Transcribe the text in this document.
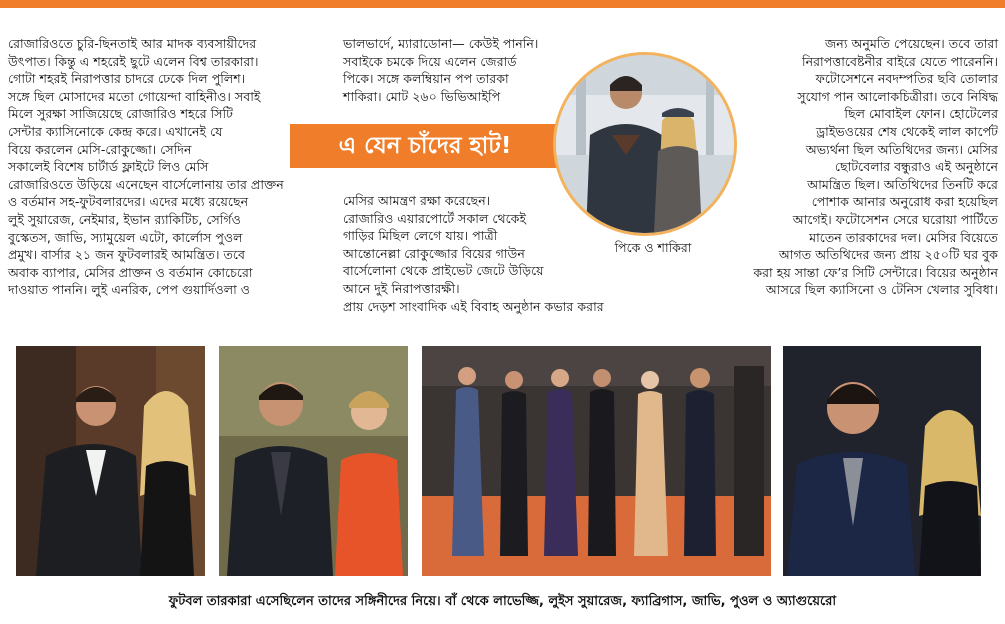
রোজারিওতে চুরি-ছিনতাই আর মাদক ব্যবসায়ীদের
উৎপাত। কিন্তু এ শহরেই ছুটে এলেন বিশ্ব তারকারা।
গোটা শহরই নিরাপত্তার চাদরে ঢেকে দিল পুলিশ।
সঙ্গে ছিল মোসাদের মতো গোয়েন্দা বাহিনীও। সবাই
মিলে সুরক্ষা সাজিয়েছে রোজারিও শহরে সিটি
সেন্টার ক্যাসিনোকে কেন্দ্র করে। এখানেই যে
বিয়ে করলেন মেসি-রোকুজ্জো। সেদিন
সকালেই বিশেষ চার্টার্ড ফ্লাইটে লিও মেসি
রোজারিওতে উড়িয়ে এনেছেন বার্সেলোনায় তার প্রাক্তন
ও বর্তমান সহ-ফুটবলারদের। এদের মধ্যে রয়েছেন
লুই সুয়ারেজ, নেইমার, ইভান র‍্যাকিটিচ, সের্গিও
বুস্কেতস, জাভি, স্যামুয়েল এটো, কার্লোস পুওল
প্রমুখ। বার্সার ২১ জন ফুটবলারই আমন্ত্রিত। তবে
অবাক ব্যাপার, মেসির প্রাক্তন ও বর্তমান কোচেরো
দাওয়াত পাননি। লুই এনরিক, পেপ গুয়ার্দিওলা ও
ভালভার্দে, ম্যারাডোনা— কেউই পাননি।
সবাইকে চমকে দিয়ে এলেন জেরার্ড
পিকে। সঙ্গে কলম্বিয়ান পপ তারকা
শাকিরা। মোট ২৬০ ভিভিআইপি
এ যেন চাঁদের হাট!
মেসির আমন্ত্রণ রক্ষা করেছেন।
রোজারিও এয়ারপোর্টে সকাল থেকেই
গাড়ির মিছিল লেগে যায়। পাত্রী
আন্তোনেল্লা রোকুজ্জোর বিয়ের গাউন
বার্সেলোনা থেকে প্রাইভেট জেটে উড়িয়ে
আনে দুই নিরাপত্তারক্ষী।
প্রায় দেড়শ সাংবাদিক এই বিবাহ অনুষ্ঠান কভার করার
জন্য অনুমতি পেয়েছেন। তবে তারা
নিরাপত্তাবেষ্টনীর বাইরে যেতে পারেননি।
ফটোসেশনে নবদম্পতির ছবি তোলার
সুযোগ পান আলোকচিত্রীরা। তবে নিষিদ্ধ
ছিল মোবাইল ফোন। হোটেলের
ড্রাইভওয়ের শেষ থেকেই লাল কার্পেট
অভ্যর্থনা ছিল অতিথিদের জন্য। মেসির
ছোটবেলার বন্ধুরাও এই অনুষ্ঠানে
আমন্ত্রিত ছিল। অতিথিদের তিনটি করে
পোশাক আনার অনুরোধ করা হয়েছিল
আগেই। ফটোসেশন সেরে ঘরোয়া পার্টিতে
মাতেন তারকাদের দল। মেসির বিয়েতে
আগত অতিথিদের জন্য প্রায় ২৫০টি ঘর বুক
করা হয় সান্তা ফে’র সিটি সেন্টারে। বিয়ের অনুষ্ঠান
আসরে ছিল ক্যাসিনো ও টেনিস খেলার সুবিধা।
পিকে ও শাকিরা
ফুটবল তারকারা এসেছিলেন তাদের সঙ্গিনীদের নিয়ে। বাঁ থেকে লাভেজ্জি, লুইস সুয়ারেজ, ফ্যাব্রিগাস, জাভি, পুওল ও অ্যাগুয়েরো
